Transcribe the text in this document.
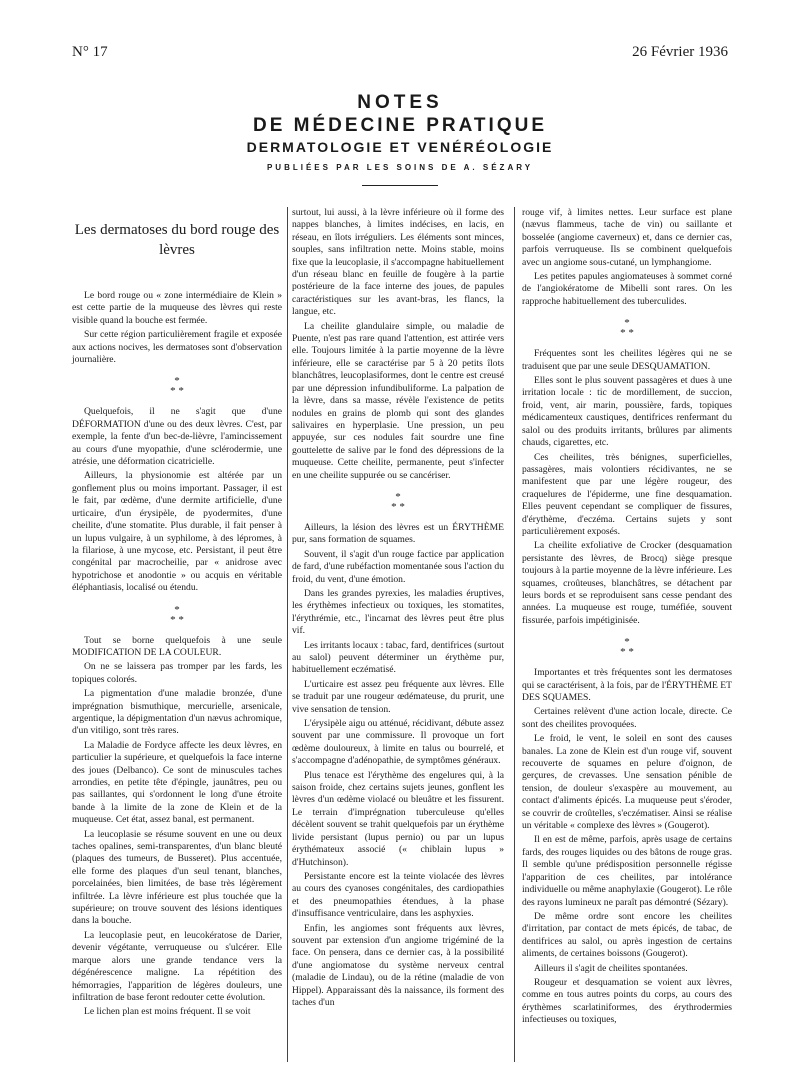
N° 17	26 Février 1936
NOTES
DE MÉDECINE PRATIQUE
DERMATOLOGIE ET VENÉRÉOLOGIE
PUBLIÉES PAR LES SOINS DE A. SÉZARY
Les dermatoses du bord rouge des lèvres

Le bord rouge ou « zone intermédiaire de Klein » est cette partie de la muqueuse des lèvres qui reste visible quand la bouche est fermée.

Sur cette région particulièrement fragile et exposée aux actions nocives, les dermatoses sont d'observation journalière.

*
* *

Quelquefois, il ne s'agit que d'une DÉFORMATION d'une ou des deux lèvres. C'est, par exemple, la fente d'un bec-de-lièvre, l'amincissement au cours d'une myopathie, d'une sclérodermie, une atrésie, une déformation cicatricielle.

Ailleurs, la physionomie est altérée par un gonflement plus ou moins important. Passager, il est le fait, par œdème, d'une dermite artificielle, d'une urticaire, d'un érysipèle, de pyodermites, d'une cheilite, d'une stomatite. Plus durable, il fait penser à un lupus vulgaire, à un syphilome, à des lépromes, à la filariose, à une mycose, etc. Persistant, il peut être congénital par macrocheilie, par « anidrose avec hypotrichose et anodontie » ou acquis en véritable éléphantiasis, localisé ou étendu.

*
* *

Tout se borne quelquefois à une seule MODIFICATION DE LA COULEUR.

On ne se laissera pas tromper par les fards, les topiques colorés.

La pigmentation d'une maladie bronzée, d'une imprégnation bismuthique, mercurielle, arsenicale, argentique, la dépigmentation d'un nævus achromique, d'un vitiligo, sont très rares.

La Maladie de Fordyce affecte les deux lèvres, en particulier la supérieure, et quelquefois la face interne des joues (Delbanco). Ce sont de minuscules taches arrondies, en petite tête d'épingle, jaunâtres, peu ou pas saillantes, qui s'ordonnent le long d'une étroite bande à la limite de la zone de Klein et de la muqueuse. Cet état, assez banal, est permanent.

La leucoplasie se résume souvent en une ou deux taches opalines, semi-transparentes, d'un blanc bleuté (plaques des tumeurs, de Busseret). Plus accentuée, elle forme des plaques d'un seul tenant, blanches, porcelainées, bien limitées, de base très légèrement infiltrée. La lèvre inférieure est plus touchée que la supérieure; on trouve souvent des lésions identiques dans la bouche.

La leucoplasie peut, en leucokératose de Darier, devenir végétante, verruqueuse ou s'ulcérer. Elle marque alors une grande tendance vers la dégénérescence maligne. La répétition des hémorragies, l'apparition de légères douleurs, une infiltration de base feront redouter cette évolution.

Le lichen plan est moins fréquent. Il se voit

surtout, lui aussi, à la lèvre inférieure où il forme des nappes blanches, à limites indécises, en lacis, en réseau, en îlots irréguliers. Les éléments sont minces, souples, sans infiltration nette. Moins stable, moins fixe que la leucoplasie, il s'accompagne habituellement d'un réseau blanc en feuille de fougère à la partie postérieure de la face interne des joues, de papules caractéristiques sur les avant-bras, les flancs, la langue, etc.

La cheilite glandulaire simple, ou maladie de Puente, n'est pas rare quand l'attention, est attirée vers elle. Toujours limitée à la partie moyenne de la lèvre inférieure, elle se caractérise par 5 à 20 petits îlots blanchâtres, leucoplasiformes, dont le centre est creusé par une dépression infundibuliforme. La palpation de la lèvre, dans sa masse, révèle l'existence de petits nodules en grains de plomb qui sont des glandes salivaires en hyperplasie. Une pression, un peu appuyée, sur ces nodules fait sourdre une fine gouttelette de salive par le fond des dépressions de la muqueuse. Cette cheilite, permanente, peut s'infecter en une cheilite suppurée ou se cancériser.

*
* *

Ailleurs, la lésion des lèvres est un ÉRYTHÈME pur, sans formation de squames.

Souvent, il s'agit d'un rouge factice par application de fard, d'une rubéfaction momentanée sous l'action du froid, du vent, d'une émotion.

Dans les grandes pyrexies, les maladies éruptives, les érythèmes infectieux ou toxiques, les stomatites, l'érythrémie, etc., l'incarnat des lèvres peut être plus vif.

Les irritants locaux : tabac, fard, dentifrices (surtout au salol) peuvent déterminer un érythème pur, habituellement eczématisé.

L'urticaire est assez peu fréquente aux lèvres. Elle se traduit par une rougeur œdémateuse, du prurit, une vive sensation de tension.

L'érysipèle aigu ou atténué, récidivant, débute assez souvent par une commissure. Il provoque un fort œdème douloureux, à limite en talus ou bourrelé, et s'accompagne d'adénopathie, de symptômes généraux.

Plus tenace est l'érythème des engelures qui, à la saison froide, chez certains sujets jeunes, gonflent les lèvres d'un œdème violacé ou bleuâtre et les fissurent. Le terrain d'imprégnation tuberculeuse qu'elles décèlent souvent se trahit quelquefois par un érythème livide persistant (lupus pernio) ou par un lupus érythémateux associé (« chiblain lupus » d'Hutchinson).

Persistante encore est la teinte violacée des lèvres au cours des cyanoses congénitales, des cardiopathies et des pneumopathies étendues, à la phase d'insuffisance ventriculaire, dans les asphyxies.

Enfin, les angiomes sont fréquents aux lèvres, souvent par extension d'un angiome trigéminé de la face. On pensera, dans ce dernier cas, à la possibilité d'une angiomatose du système nerveux central (maladie de Lindau), ou de la rétine (maladie de von Hippel). Apparaissant dès la naissance, ils forment des taches d'un

rouge vif, à limites nettes. Leur surface est plane (nævus flammeus, tache de vin) ou saillante et bosselée (angiome caverneux) et, dans ce dernier cas, parfois verruqueuse. Ils se combinent quelquefois avec un angiome sous-cutané, un lymphangiome.

Les petites papules angiomateuses à sommet corné de l'angiokératome de Mibelli sont rares. On les rapproche habituellement des tuberculides.

*
* *

Fréquentes sont les cheilites légères qui ne se traduisent que par une seule DESQUAMATION.

Elles sont le plus souvent passagères et dues à une irritation locale : tic de mordillement, de succion, froid, vent, air marin, poussière, fards, topiques médicamenteux caustiques, dentifrices renfermant du salol ou des produits irritants, brûlures par aliments chauds, cigarettes, etc.

Ces cheilites, très bénignes, superficielles, passagères, mais volontiers récidivantes, ne se manifestent que par une légère rougeur, des craquelures de l'épiderme, une fine desquamation. Elles peuvent cependant se compliquer de fissures, d'érythème, d'eczéma. Certains sujets y sont particulièrement exposés.

La cheilite exfoliative de Crocker (desquamation persistante des lèvres, de Brocq) siège presque toujours à la partie moyenne de la lèvre inférieure. Les squames, croûteuses, blanchâtres, se détachent par leurs bords et se reproduisent sans cesse pendant des années. La muqueuse est rouge, tuméfiée, souvent fissurée, parfois impétiginisée.

*
* *

Importantes et très fréquentes sont les dermatoses qui se caractérisent, à la fois, par de l'ÉRYTHÈME ET DES SQUAMES.

Certaines relèvent d'une action locale, directe. Ce sont des cheilites provoquées.

Le froid, le vent, le soleil en sont des causes banales. La zone de Klein est d'un rouge vif, souvent recouverte de squames en pelure d'oignon, de gerçures, de crevasses. Une sensation pénible de tension, de douleur s'exaspère au mouvement, au contact d'aliments épicés. La muqueuse peut s'éroder, se couvrir de croûtelles, s'eczématiser. Ainsi se réalise un véritable « complexe des lèvres » (Gougerot).

Il en est de même, parfois, après usage de certains fards, des rouges liquides ou des bâtons de rouge gras. Il semble qu'une prédisposition personnelle régisse l'apparition de ces cheilites, par intolérance individuelle ou même anaphylaxie (Gougerot). Le rôle des rayons lumineux ne paraît pas démontré (Sézary).

De même ordre sont encore les cheilites d'irritation, par contact de mets épicés, de tabac, de dentifrices au salol, ou après ingestion de certains aliments, de certaines boissons (Gougerot).

Ailleurs il s'agit de cheilites spontanées.

Rougeur et desquamation se voient aux lèvres, comme en tous autres points du corps, au cours des érythèmes scarlatiniformes, des érythrodermies infectieuses ou toxiques,
